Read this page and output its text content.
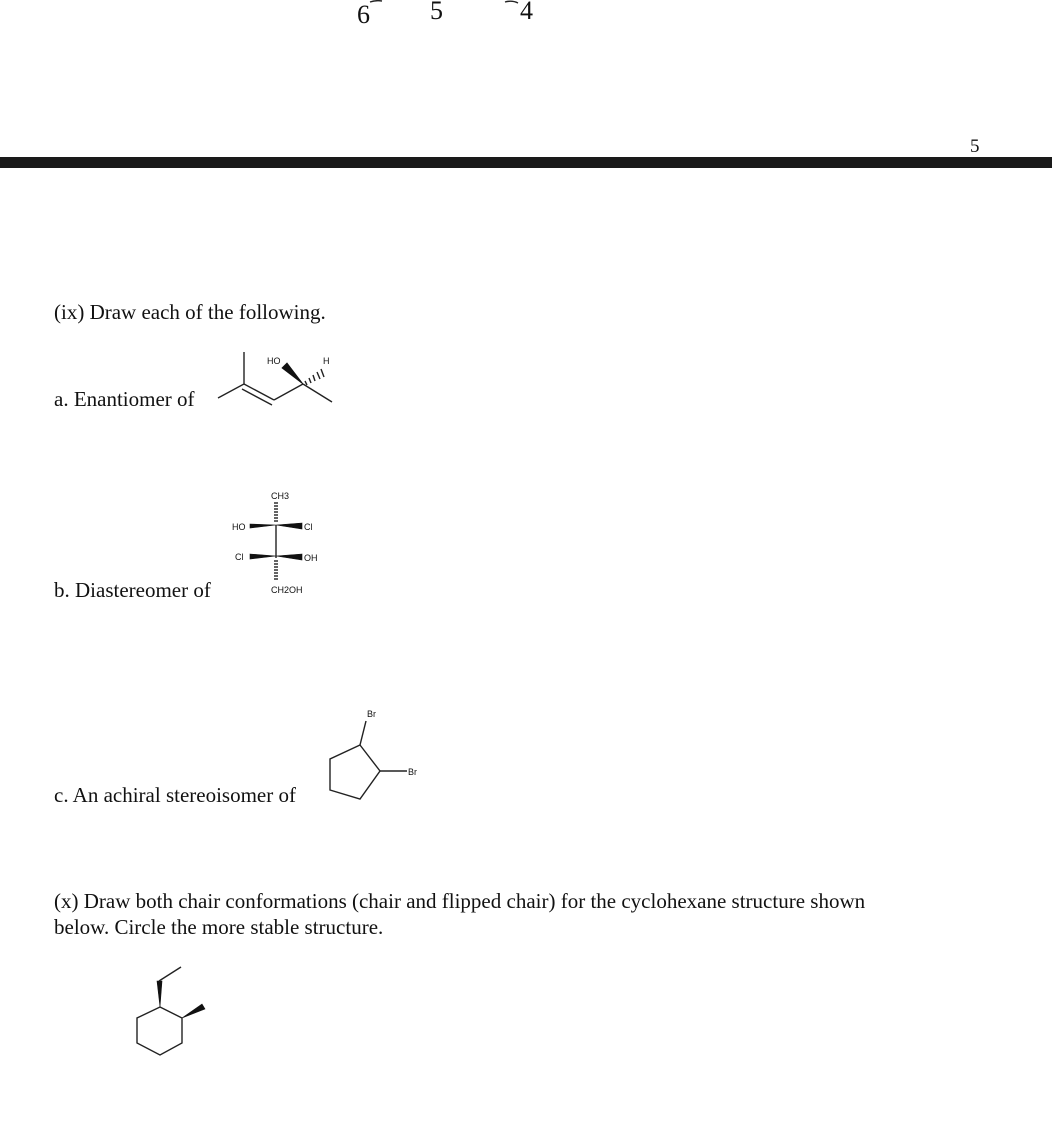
6 5	4
5
(ix) Draw each of the following.
a. Enantiomer of
HO	H
b. Diastereomer of
CH3
HO	Cl
Cl	OH
CH2OH
c. An achiral stereoisomer of
Br
Br
(x) Draw both chair conformations (chair and flipped chair) for the cyclohexane structure shown
below. Circle the more stable structure.
